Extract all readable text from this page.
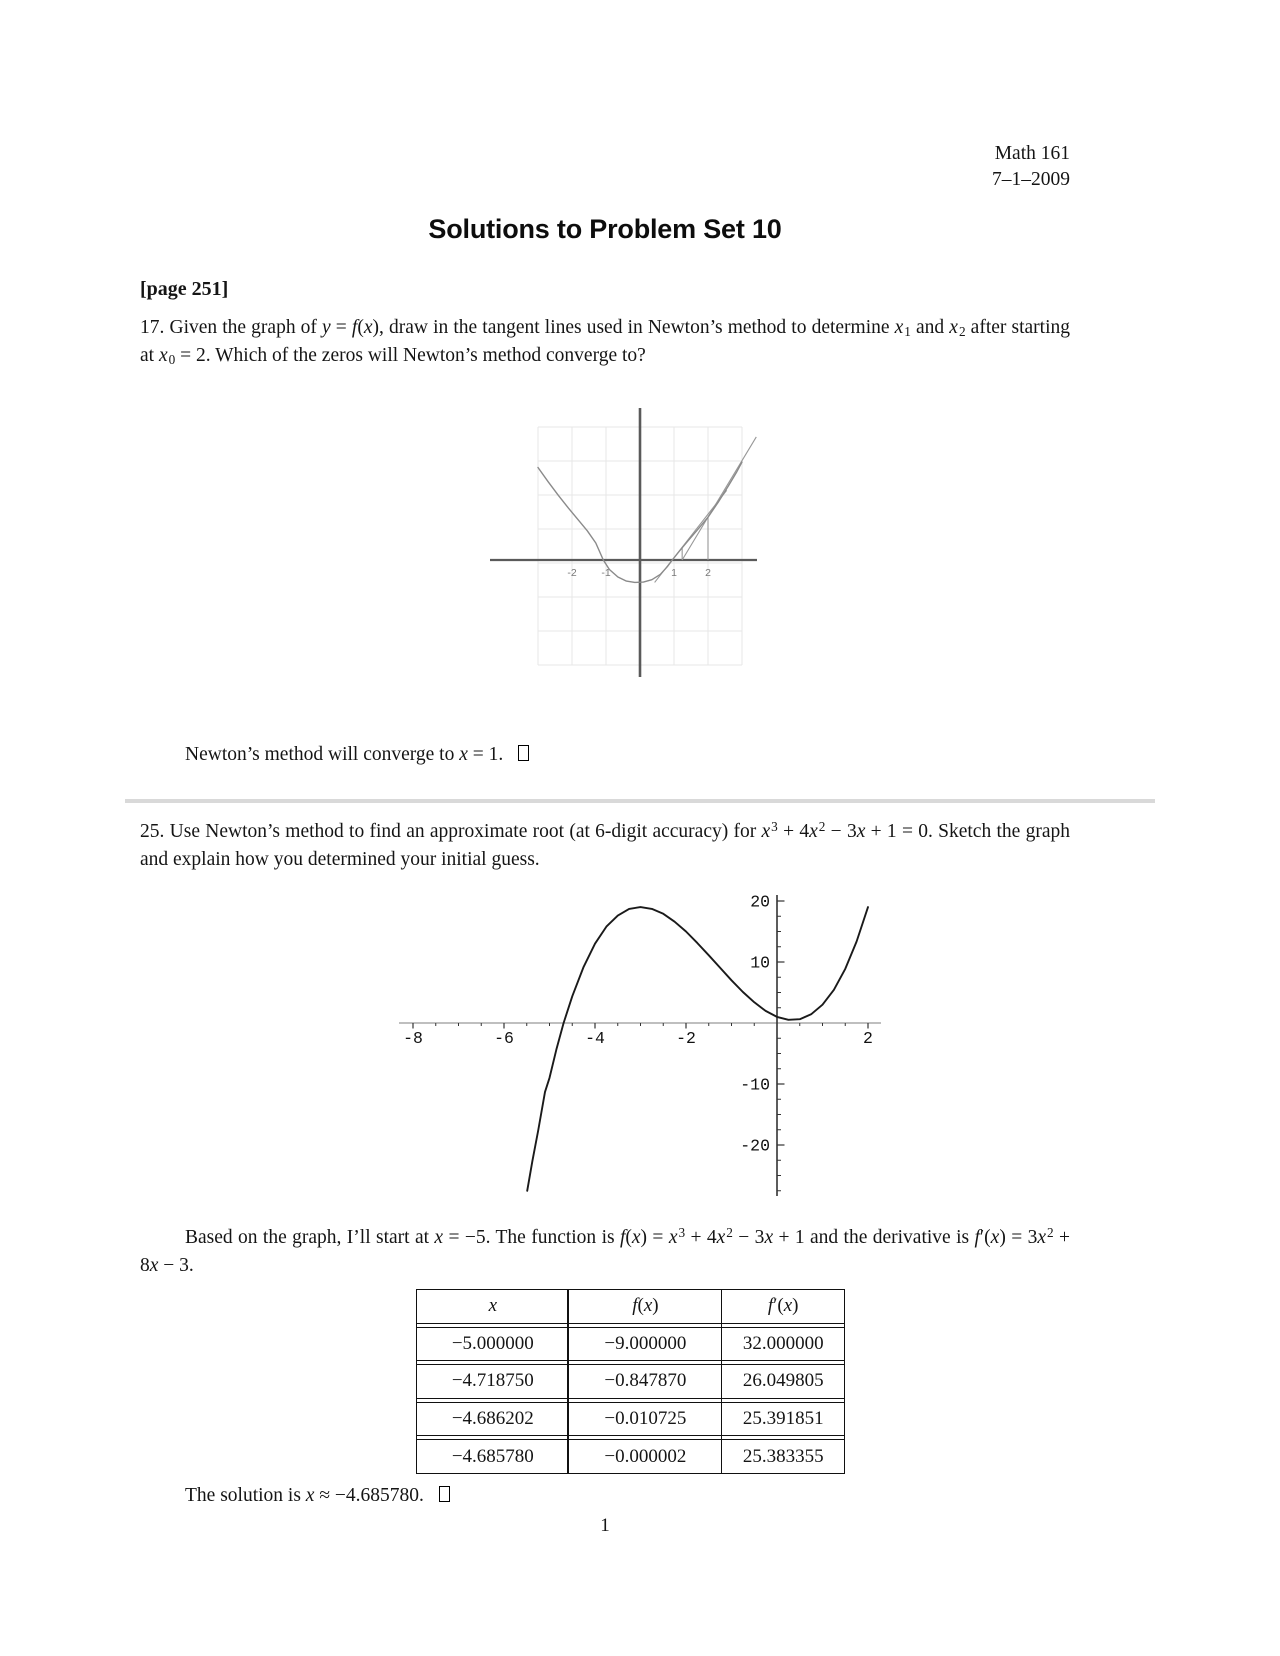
Math 161
7–1–2009
Solutions to Problem Set 10
[page 251]
17. Given the graph of y = f(x), draw in the tangent lines used in Newton’s method to determine x1 and x2 after starting at x0 = 2. Which of the zeros will Newton’s method converge to?
-2 -1	1	2
Newton’s method will converge to x = 1.
25. Use Newton’s method to find an approximate root (at 6-digit accuracy) for $x^3 + 4x^2 - 3x + 1 = 0$. Sketch the graph and explain how you determined your initial guess.
-8	-6	-4	-2	2
20
10
-10
-20
Based on the graph, I’ll start at x = −5. The function is $f(x) = x^3 + 4x^2 - 3x + 1$ and the derivative is $f'(x) = 3x^2 + 8x - 3$.
x	f ( x )	f ′( x )
−5.000000	−9.000000	32.000000
−4.718750	−0.847870	26.049805
−4.686202	−0.010725	25.391851
−4.685780	−0.000002	25.383355
The solution is x ≈ −4.685780.
1
